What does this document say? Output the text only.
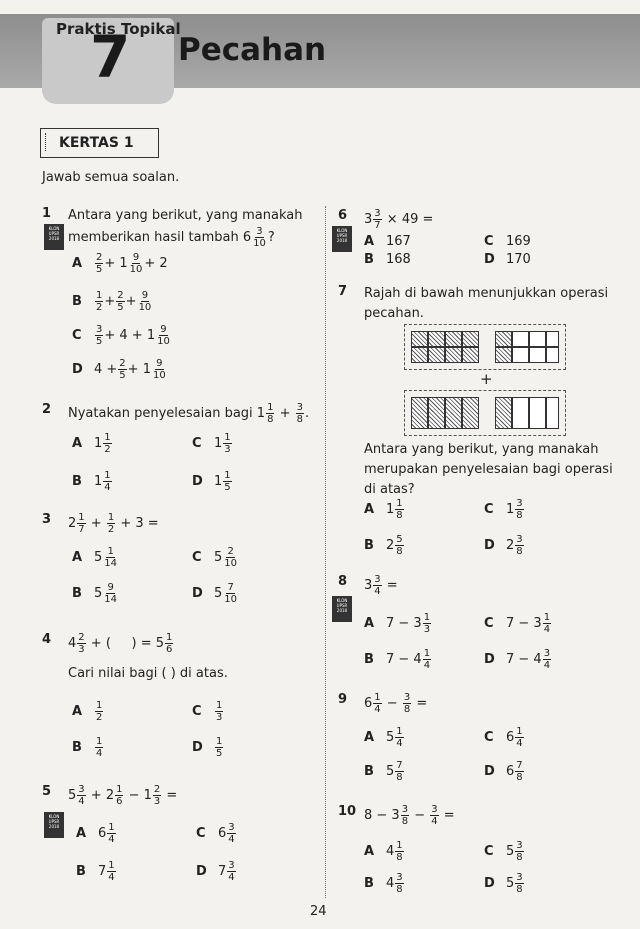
Praktis Topikal
7 Pecahan
KERTAS 1
Jawab semua soalan.
1 Antara yang berikut, yang manakah memberikan hasil tambah $6 \frac{3}{10}$ ?
KLON UPSR 2018
A	$\frac{2}{5} + 1 \frac{9}{10} + 2$
B	$\frac{1}{2} + \frac{2}{5} + \frac{9}{10}$
C	$\frac{3}{5} + 4 + 1 \frac{9}{10}$
D $4 + \frac{2}{5} + 1 \frac{9}{10}$
2 Nyatakan penyelesaian bagi $1 \frac{1}{8} + \frac{3}{8}$ .
A $1 \frac{1}{2}$	C $1 \frac{1}{3}$
B $1 \frac{1}{4}$	D $1 \frac{1}{5}$
3 $2 \frac{1}{7} + \frac{1}{2} + 3$ =
A $5 \frac{1}{14}$	C $5 \frac{2}{10}$
B $5 \frac{9}{14}$	D $5 \frac{7}{10}$
4 $4 \frac{2}{3}$ + (     ) = $5 \frac{1}{6}$
Cari nilai bagi ( ) di atas.
A	$\frac{1}{2}$	C	$\frac{1}{3}$
B	$\frac{1}{4}$	D	$\frac{1}{5}$
5 $5 \frac{3}{4} + 2 \frac{1}{6} - 1 \frac{2}{3}$ =
KLON UPSR 2018	A $6 \frac{1}{4}$	C $6 \frac{3}{4}$
B $7 \frac{1}{4}$	D $7 \frac{3}{4}$
6 $3 \frac{3}{7} \times 49$ =
KLON UPSR 2018	A 167	C 169
B 168	D 170
7 Rajah di bawah menunjukkan operasi pecahan.
+
Antara yang berikut, yang manakah merupakan penyelesaian bagi operasi di atas?
A $1 \frac{1}{8}$	C $1 \frac{3}{8}$
B $2 \frac{5}{8}$	D $2 \frac{3}{8}$
8 $3 \frac{3}{4}$ =
KLON UPSR 2018
A $7 - 3 \frac{1}{3}$	C $7 - 3 \frac{1}{4}$
B $7 - 4 \frac{1}{4}$	D $7 - 4 \frac{3}{4}$
9 $6 \frac{1}{4} - \frac{3}{8}$ =
A $5 \frac{1}{4}$	C $6 \frac{1}{4}$
B $5 \frac{7}{8}$	D $6 \frac{7}{8}$
10 $8 - 3 \frac{3}{8} - \frac{3}{4}$ =
A $4 \frac{1}{8}$	C $5 \frac{3}{8}$
B $4 \frac{3}{8}$	D $5 \frac{3}{8}$
24
